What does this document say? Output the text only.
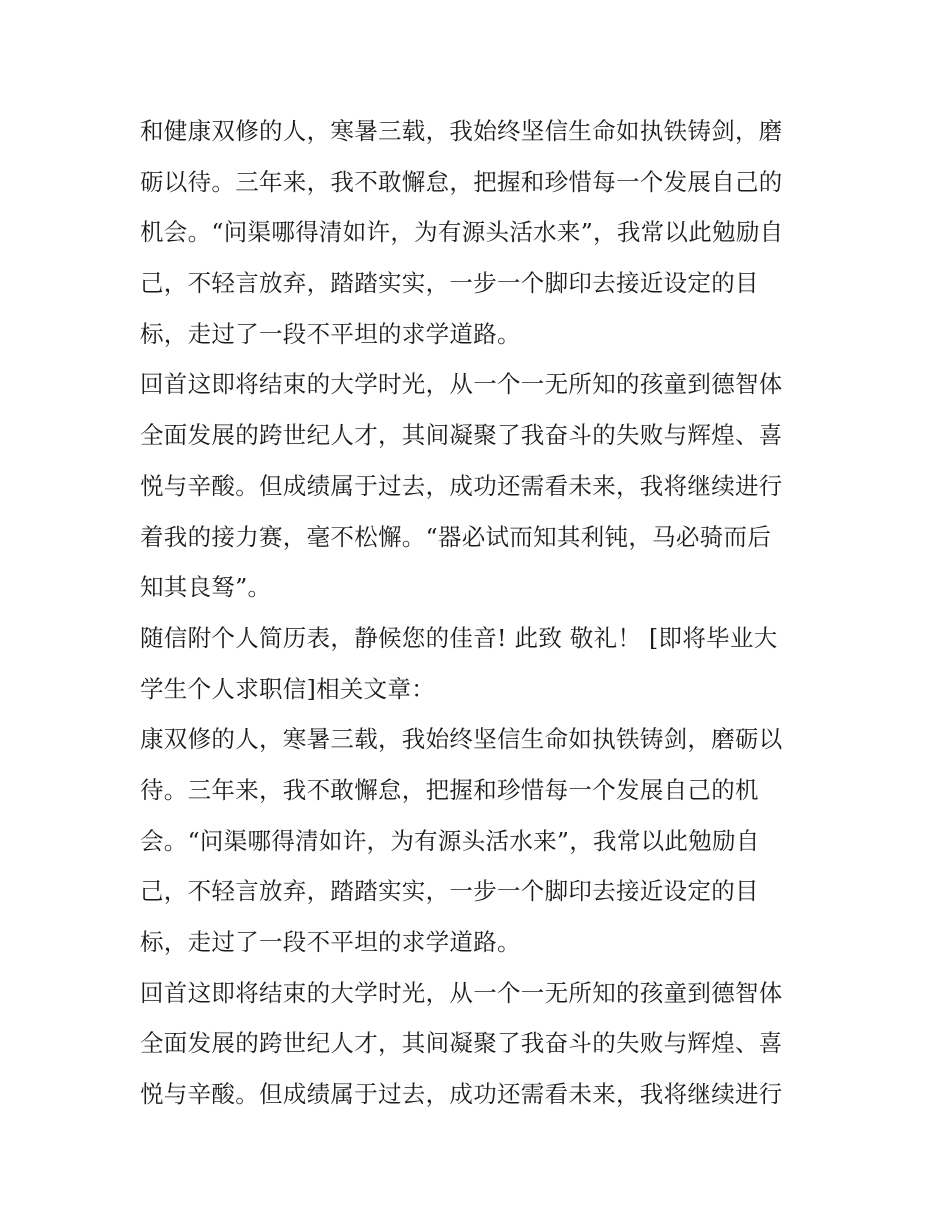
和健康双修的人，寒暑三载，我始终坚信生命如执铁铸剑，磨
砺以待。三年来，我不敢懈怠，把握和珍惜每一个发展自己的
机会。“问渠哪得清如许，为有源头活水来”，我常以此勉励自
己，不轻言放弃，踏踏实实，一步一个脚印去接近设定的目
标，走过了一段不平坦的求学道路。
回首这即将结束的大学时光，从一个一无所知的孩童到德智体
全面发展的跨世纪人才，其间凝聚了我奋斗的失败与辉煌、喜
悦与辛酸。但成绩属于过去，成功还需看未来，我将继续进行
着我的接力赛，毫不松懈。“器必试而知其利钝，马必骑而后
知其良驽”。
随信附个人简历表，静候您的佳音! 此致 敬礼！ [即将毕业大
学生个人求职信]相关文章：
康双修的人，寒暑三载，我始终坚信生命如执铁铸剑，磨砺以
待。三年来，我不敢懈怠，把握和珍惜每一个发展自己的机
会。“问渠哪得清如许，为有源头活水来”，我常以此勉励自
己，不轻言放弃，踏踏实实，一步一个脚印去接近设定的目
标，走过了一段不平坦的求学道路。
回首这即将结束的大学时光，从一个一无所知的孩童到德智体
全面发展的跨世纪人才，其间凝聚了我奋斗的失败与辉煌、喜
悦与辛酸。但成绩属于过去，成功还需看未来，我将继续进行
